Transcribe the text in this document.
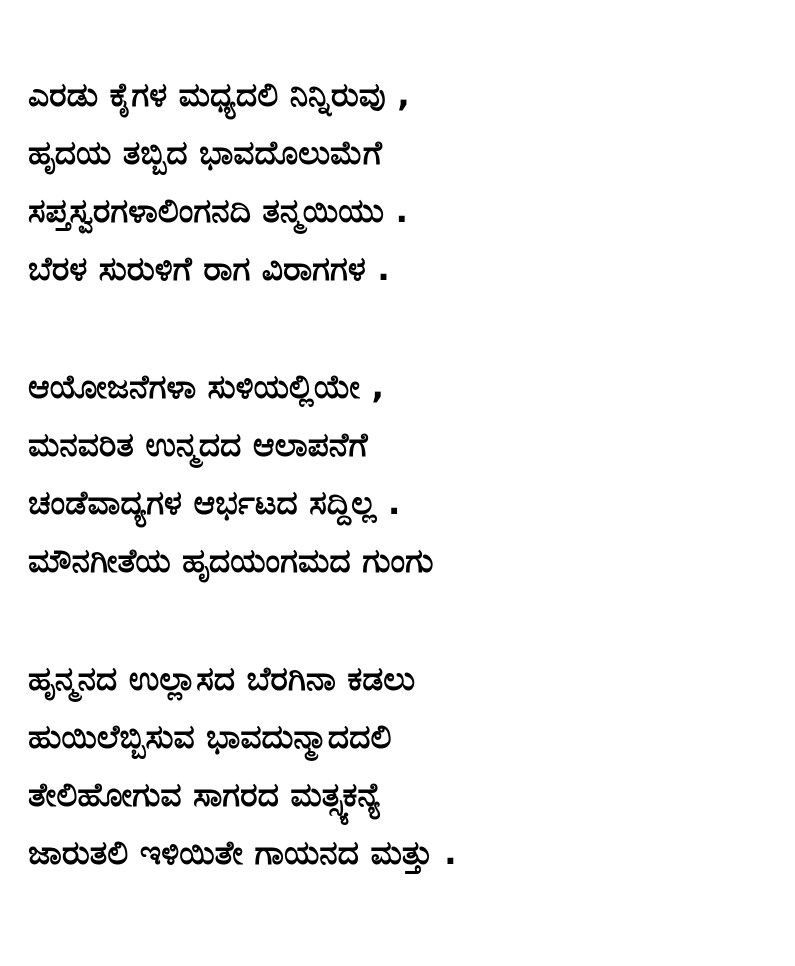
ಎರಡು ಕೈಗಳ ಮಧ್ಯದಲಿ ನಿನ್ನಿರುವು ,
ಹೃದಯ ತಬ್ಬಿದ ಭಾವದೊಲುಮೆಗೆ
ಸಪ್ತಸ್ವರಗಳಾಲಿಂಗನದಿ ತನ್ಮಯಿಯು .
ಬೆರಳ ಸುರುಳಿಗೆ ರಾಗ ವಿರಾಗಗಳ .
ಆಯೋಜನೆಗಳಾ ಸುಳಿಯಲ್ಲಿಯೇ ,
ಮನವರಿತ ಉನ್ಮದದ ಆಲಾಪನೆಗೆ
ಚಂಡೆವಾದ್ಯಗಳ ಆರ್ಭಟದ ಸದ್ದಿಲ್ಲ .
ಮೌನಗೀತೆಯ ಹೃದಯಂಗಮದ ಗುಂಗು
ಹೃನ್ಮನದ ಉಲ್ಲಾಸದ ಬೆರಗಿನಾ ಕಡಲು
ಹುಯಿಲೆಬ್ಬಿಸುವ ಭಾವದುನ್ಮಾದದಲಿ
ತೇಲಿಹೋಗುವ ಸಾಗರದ ಮತ್ಸ್ಯಕನ್ಯೆ
ಜಾರುತಲಿ ಇಳಿಯಿತೇ ಗಾಯನದ ಮತ್ತು .
